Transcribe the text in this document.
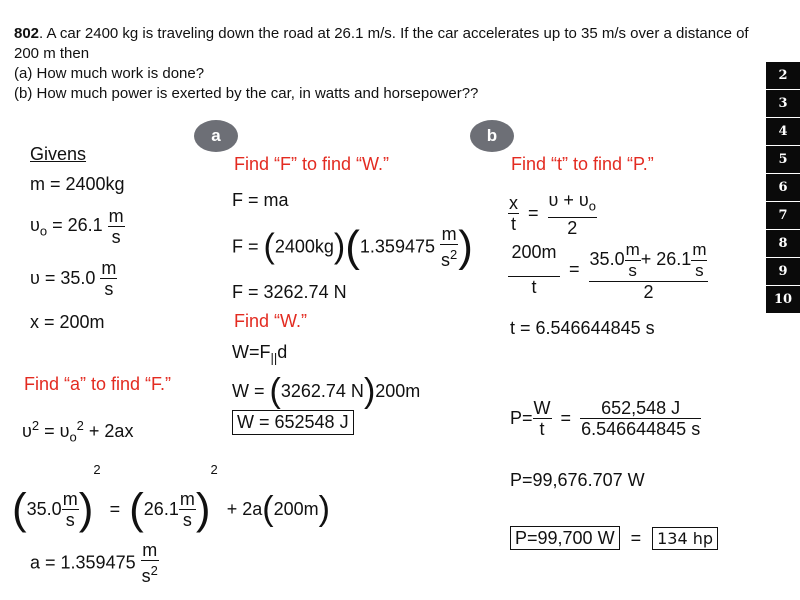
802. A car 2400 kg is traveling down the road at 26.1 m/s. If the car accelerates up to 35 m/s over a distance of
200 m then
(a) How much work is done?
(b) How much power is exerted by the car, in watts and horsepower??
2
3
4
5
6
7
8
9
10
a	b
Givens
m = 2400kg
$\upsilon_o = 26.1 \frac{m}{s}$
$\upsilon = 35.0 \frac{m}{s}$
x = 200m
Find “a” to find “F.”
$\upsilon^2 = \upsilon_o^2 + 2ax$
$(35.0 \frac{m}{s} )^2 = (26.1 \frac{m}{s} )^2 + 2a(200m)$
$a = 1.359475 \frac{m}{s^2}$
Find “F” to find “W.”
F = ma
$F = (2400kg)(1.359475 \frac{m}{s^2}$ )
F = 3262.74 N
Find “W.”
$W=F_{||}d$
W = (3262.74 N)200m
W = 652548 J
Find “t” to find “P.”
$\frac{x}{t} = \frac{\upsilon + \upsilon_o}{2}$
$\frac{200m}{t} = \frac{35.0 \frac{m}{s} + 26.1 \frac{m}{s}}{2}$
t = 6.546644845 s
$P= \frac{W}{t} = \frac{652,548 J}{6.546644845 s}$
P=99,676.707 W
P=99,700 W = 134 hp
